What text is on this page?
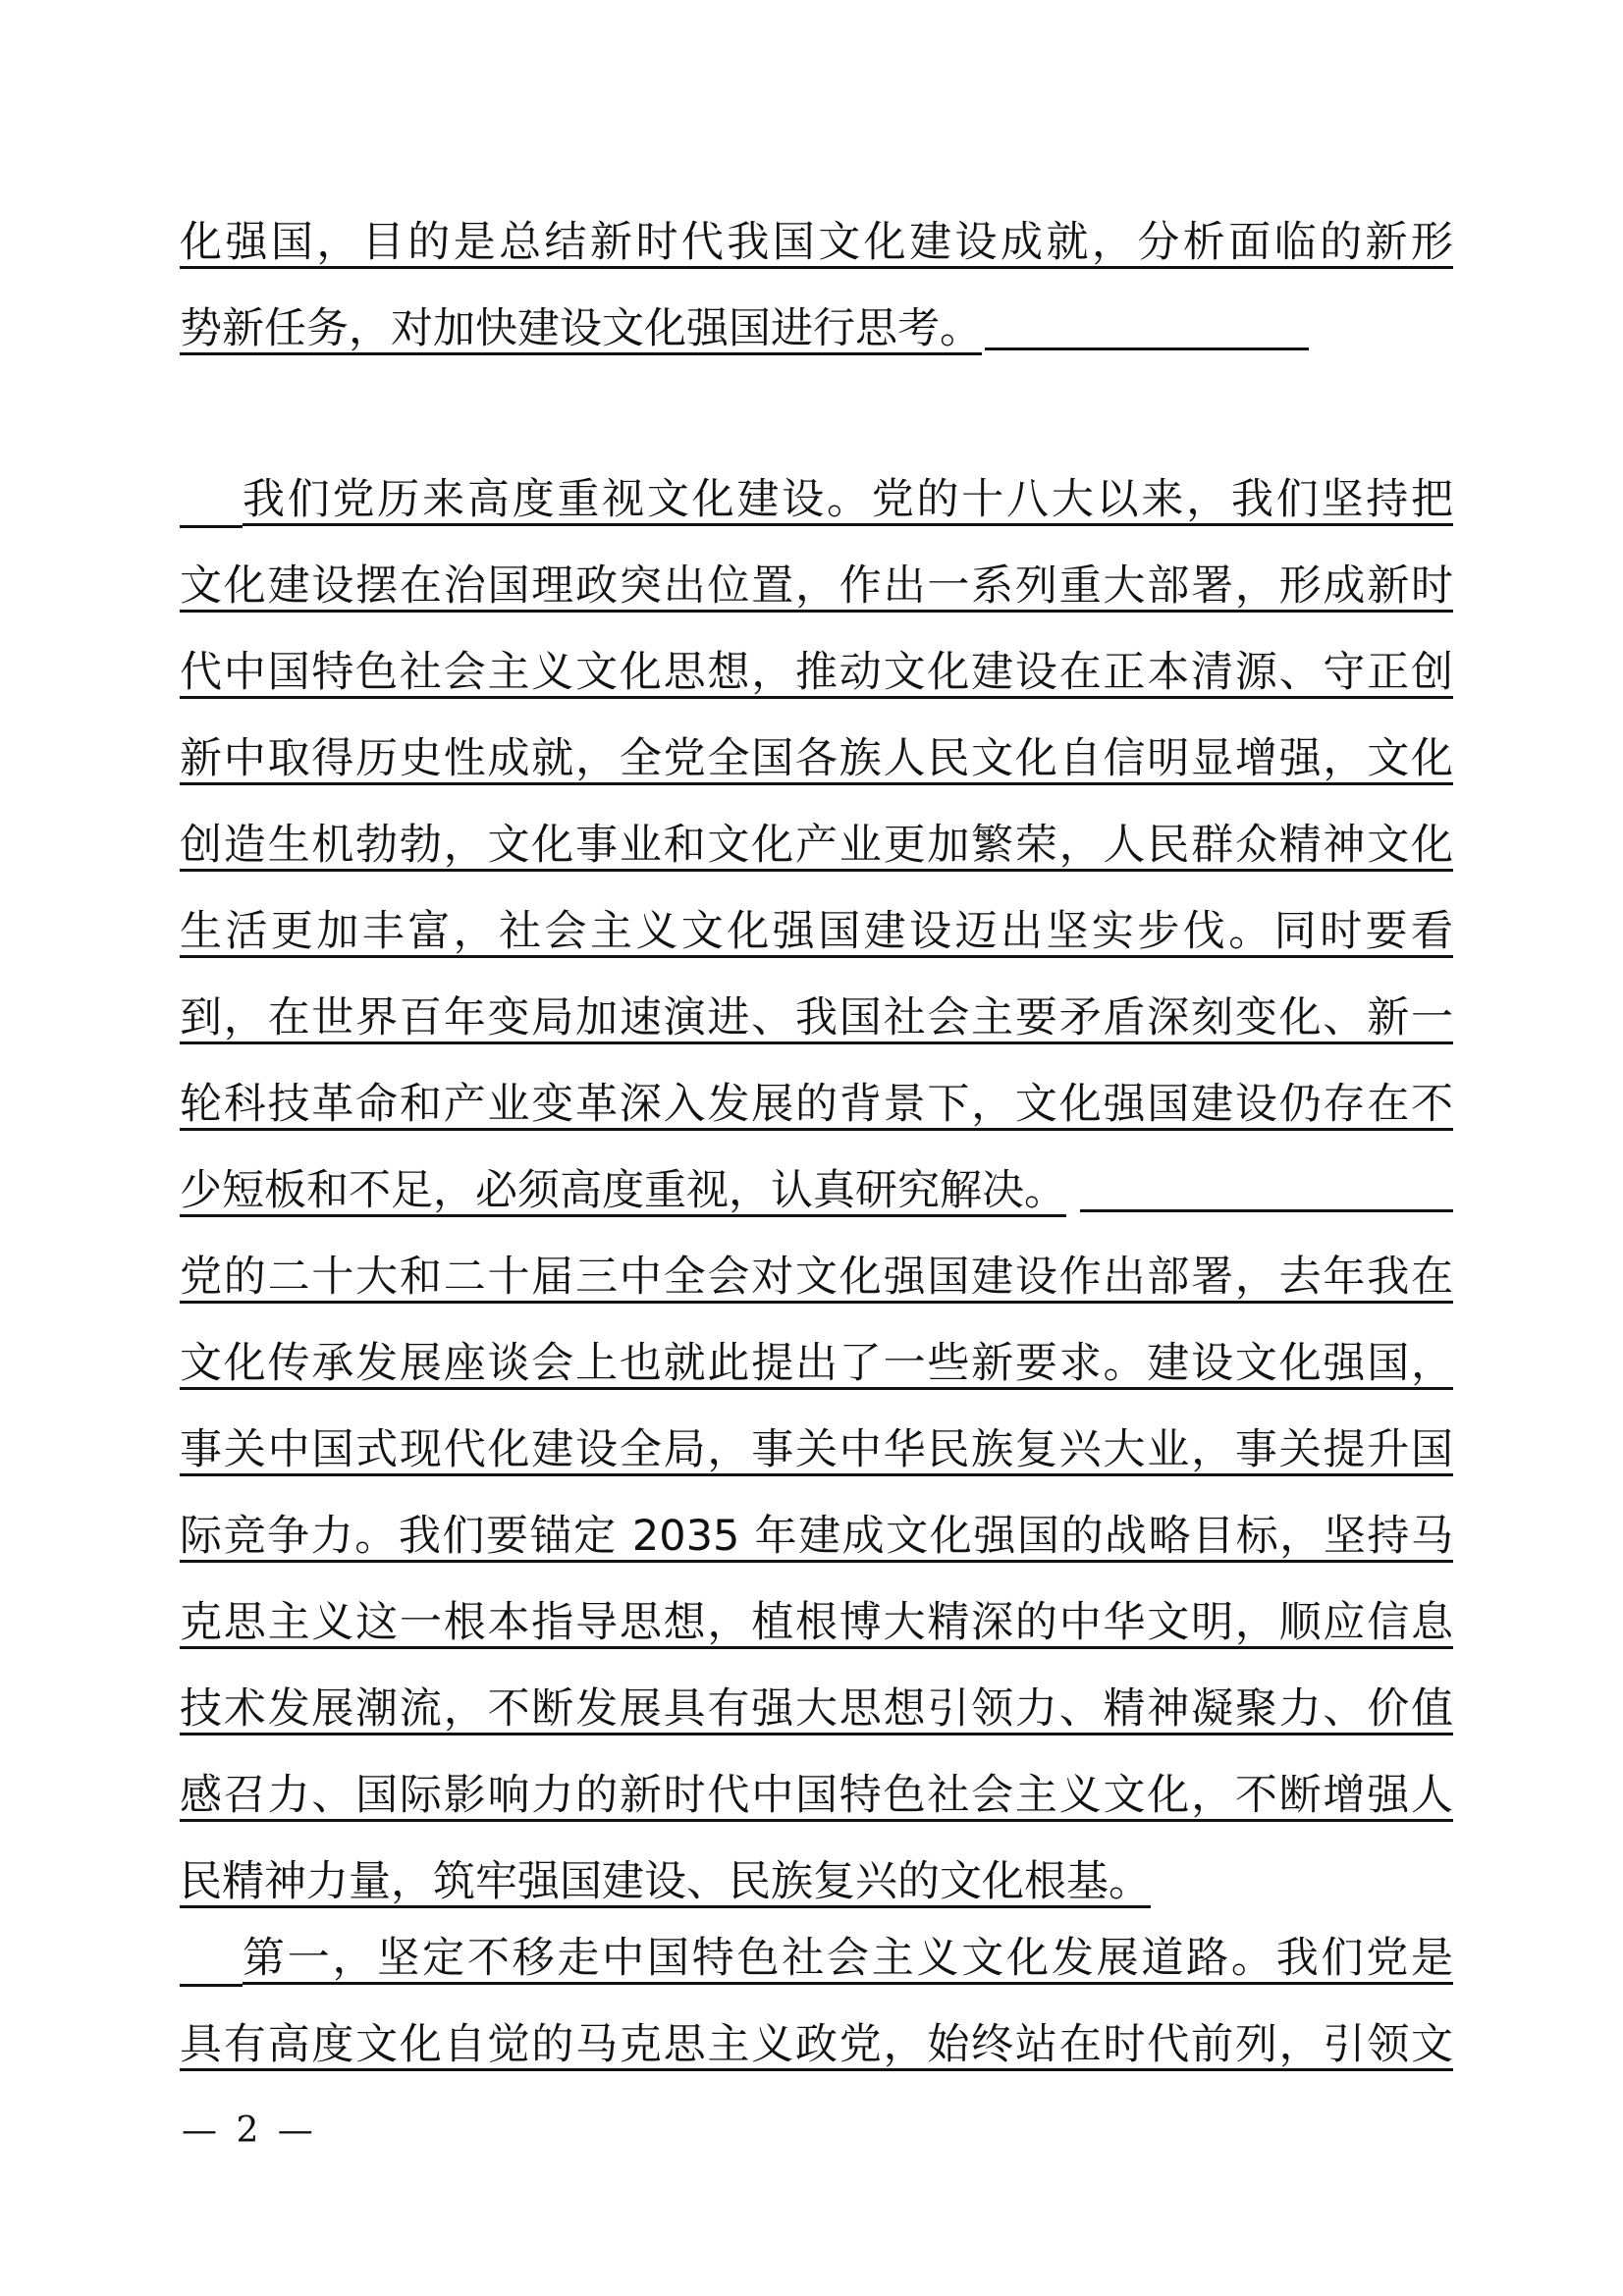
化强国，目的是总结新时代我国文化建设成就，分析面临的新形
势新任务，对加快建设文化强国进行思考。
我们党历来高度重视文化建设。党的十八大以来，我们坚持把
文化建设摆在治国理政突出位置，作出一系列重大部署，形成新时
代中国特色社会主义文化思想，推动文化建设在正本清源、守正创
新中取得历史性成就，全党全国各族人民文化自信明显增强，文化
创造生机勃勃，文化事业和文化产业更加繁荣，人民群众精神文化
生活更加丰富，社会主义文化强国建设迈出坚实步伐。同时要看
到，在世界百年变局加速演进、我国社会主要矛盾深刻变化、新一
轮科技革命和产业变革深入发展的背景下，文化强国建设仍存在不
少短板和不足，必须高度重视，认真研究解决。
党的二十大和二十届三中全会对文化强国建设作出部署，去年我在
文化传承发展座谈会上也就此提出了一些新要求。建设文化强国，
事关中国式现代化建设全局，事关中华民族复兴大业，事关提升国
际竞争力。我们要锚定 2035 年建成文化强国的战略目标，坚持马
克思主义这一根本指导思想，植根博大精深的中华文明，顺应信息
技术发展潮流，不断发展具有强大思想引领力、精神凝聚力、价值
感召力、国际影响力的新时代中国特色社会主义文化，不断增强人
民精神力量，筑牢强国建设、民族复兴的文化根基。
第一，坚定不移走中国特色社会主义文化发展道路。我们党是
具有高度文化自觉的马克思主义政党，始终站在时代前列，引领文
— 2 —
